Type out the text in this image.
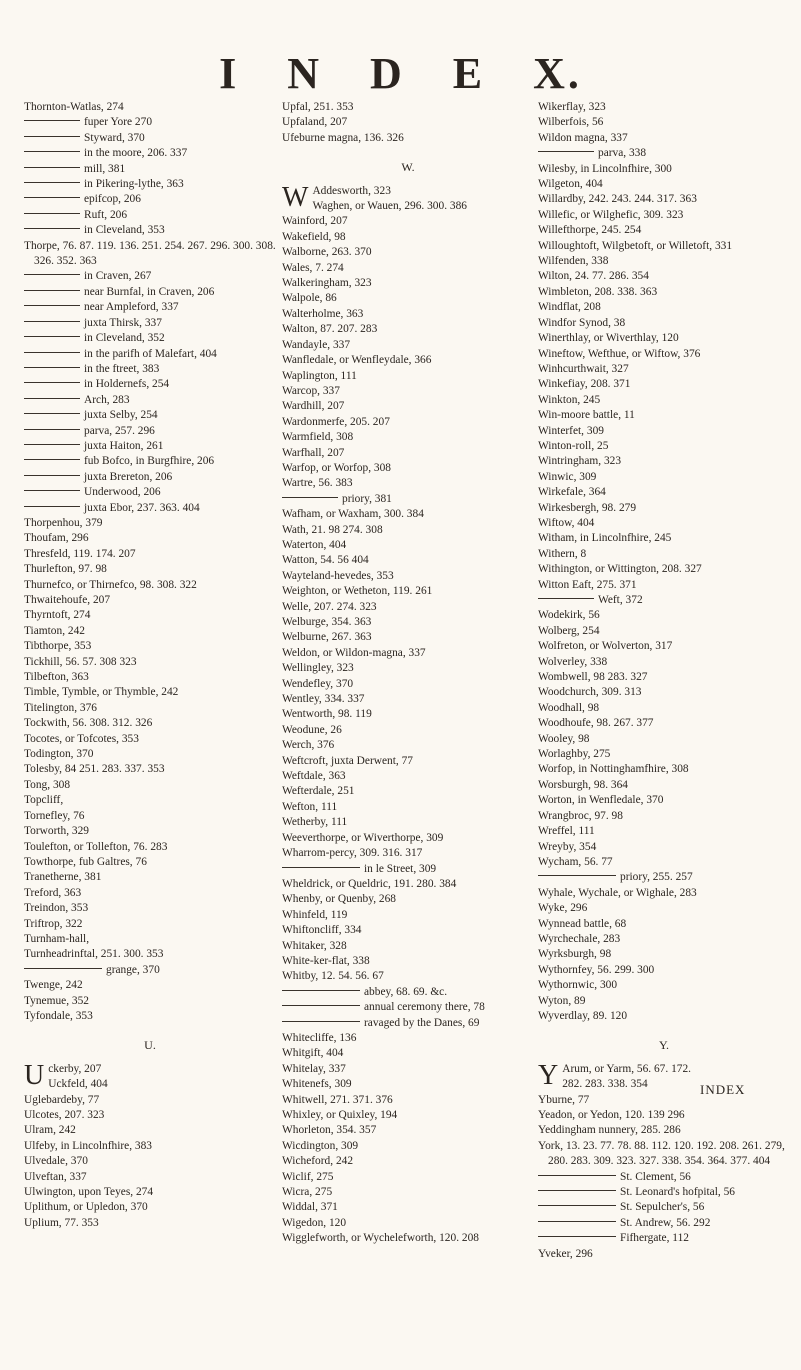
I N D E X.
Thornton-Watlas, 274
fuper Yore 270
Styward, 370
in the moore, 206. 337
mill, 381
in Pikering-lythe, 363
epifcop, 206
Ruft, 206
in Cleveland, 353
Thorpe, 76. 87. 119. 136. 251. 254. 267. 296. 300. 308. 326. 352. 363
in Craven, 267
near Burnfal, in Craven, 206
near Ampleford, 337
juxta Thirsk, 337
in Cleveland, 352
in the parifh of Malefart, 404
in the ftreet, 383
in Holdernefs, 254
Arch, 283
juxta Selby, 254
parva, 257. 296
juxta Haiton, 261
fub Bofco, in Burgfhire, 206
juxta Brereton, 206
Underwood, 206
juxta Ebor, 237. 363. 404
Thorpenhou, 379
Thoufam, 296
Thresfeld, 119. 174. 207
Thurlefton, 97. 98
Thurnefco, or Thirnefco, 98. 308. 322
Thwaitehoufe, 207
Thyrntoft, 274
Tiamton, 242
Tibthorpe, 353
Tickhill, 56. 57. 308 323
Tilbefton, 363
Timble, Tymble, or Thymble, 242
Titelington, 376
Tockwith, 56. 308. 312. 326
Tocotes, or Tofcotes, 353
Todington, 370
Tolesby, 84 251. 283. 337. 353
Tong, 308
Topcliff,
Tornefley, 76
Torworth, 329
Toulefton, or Tollefton, 76. 283
Towthorpe, fub Galtres, 76
Tranetherne, 381
Treford, 363
Treindon, 353
Triftrop, 322
Turnham-hall,
Turnheadrinftal, 251. 300. 353
grange, 370
Twenge, 242
Tynemue, 352
Tyfondale, 353
U.
U ckerby, 207
Uckfeld, 404
Uglebardeby, 77
Ulcotes, 207. 323
Ulram, 242
Ulfeby, in Lincolnfhire, 383
Ulvedale, 370
Ulveftan, 337
Ulwington, upon Teyes, 274
Uplithum, or Upledon, 370
Uplium, 77. 353
Upfal, 251. 353
Upfaland, 207
Ufeburne magna, 136. 326
W.
W Addesworth, 323
Waghen, or Wauen, 296. 300. 386
Wainford, 207
Wakefield, 98
Walborne, 263. 370
Wales, 7. 274
Walkeringham, 323
Walpole, 86
Walterholme, 363
Walton, 87. 207. 283
Wandayle, 337
Wanfledale, or Wenfleydale, 366
Waplington, 111
Warcop, 337
Wardhill, 207
Wardonmerfe, 205. 207
Warmfield, 308
Warfhall, 207
Warfop, or Worfop, 308
Wartre, 56. 383
priory, 381
Wafham, or Waxham, 300. 384
Wath, 21. 98 274. 308
Waterton, 404
Watton, 54. 56 404
Wayteland-hevedes, 353
Weighton, or Wetheton, 119. 261
Welle, 207. 274. 323
Welburge, 354. 363
Welburne, 267. 363
Weldon, or Wildon-magna, 337
Wellingley, 323
Wendefley, 370
Wentley, 334. 337
Wentworth, 98. 119
Weodune, 26
Werch, 376
Weftcroft, juxta Derwent, 77
Weftdale, 363
Wefterdale, 251
Wefton, 111
Wetherby, 111
Weeverthorpe, or Wiverthorpe, 309
Wharrom-percy, 309. 316. 317
in le Street, 309
Wheldrick, or Queldric, 191. 280. 384
Whenby, or Quenby, 268
Whinfeld, 119
Whiftoncliff, 334
Whitaker, 328
White-ker-flat, 338
Whitby, 12. 54. 56. 67
abbey, 68. 69. &c.
annual ceremony there, 78
ravaged by the Danes, 69
Whitecliffe, 136
Whitgift, 404
Whitelay, 337
Whitenefs, 309
Whitwell, 271. 371. 376
Whixley, or Quixley, 194
Whorleton, 354. 357
Wicdington, 309
Wicheford, 242
Wiclif, 275
Wicra, 275
Widdal, 371
Wigedon, 120
Wigglefworth, or Wychelefworth, 120. 208
Wikerflay, 323
Wilberfois, 56
Wildon magna, 337
parva, 338
Wilesby, in Lincolnfhire, 300
Wilgeton, 404
Willardby, 242. 243. 244. 317. 363
Willefic, or Wilghefic, 309. 323
Willefthorpe, 245. 254
Willoughtoft, Wilgbetoft, or Willetoft, 331
Wilfenden, 338
Wilton, 24. 77. 286. 354
Wimbleton, 208. 338. 363
Windflat, 208
Windfor Synod, 38
Winerthlay, or Wiverthlay, 120
Wineftow, Wefthue, or Wiftow, 376
Winhcurthwait, 327
Winkefiay, 208. 371
Winkton, 245
Win-moore battle, 11
Winterfet, 309
Winton-roll, 25
Wintringham, 323
Winwic, 309
Wirkefale, 364
Wirkesbergh, 98. 279
Wiftow, 404
Witham, in Lincolnfhire, 245
Withern, 8
Withington, or Wittington, 208. 327
Witton Eaft, 275. 371
Weft, 372
Wodekirk, 56
Wolberg, 254
Wolfreton, or Wolverton, 317
Wolverley, 338
Wombwell, 98 283. 327
Woodchurch, 309. 313
Woodhall, 98
Woodhoufe, 98. 267. 377
Wooley, 98
Worlaghby, 275
Worfop, in Nottinghamfhire, 308
Worsburgh, 98. 364
Worton, in Wenfledale, 370
Wrangbroc, 97. 98
Wreffel, 111
Wreyby, 354
Wycham, 56. 77
priory, 255. 257
Wyhale, Wychale, or Wighale, 283
Wyke, 296
Wynnead battle, 68
Wyrchechale, 283
Wyrksburgh, 98
Wythornfey, 56. 299. 300
Wythornwic, 300
Wyton, 89
Wyverdlay, 89. 120
Y.
Y Arum, or Yarm, 56. 67. 172.
282. 283. 338. 354
Yburne, 77
Yeadon, or Yedon, 120. 139 296
Yeddingham nunnery, 285. 286
York, 13. 23. 77. 78. 88. 112. 120. 192. 208. 261. 279, 280. 283. 309. 323. 327. 338. 354. 364. 377. 404
St. Clement, 56
St. Leonard's hofpital, 56
St. Sepulcher's, 56
St. Andrew, 56. 292
Fifhergate, 112
Yveker, 296
INDEX
